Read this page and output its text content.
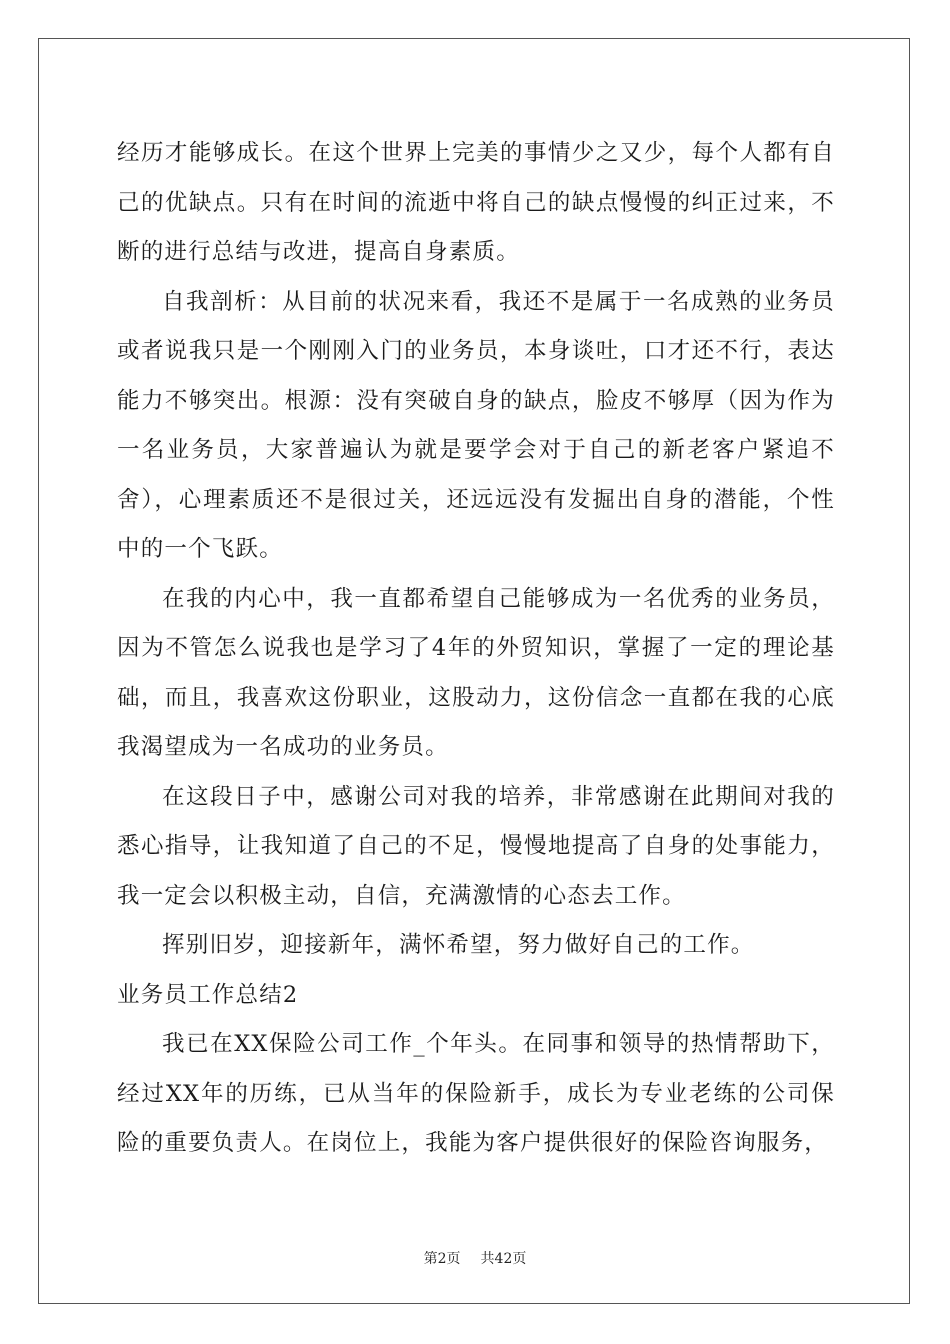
经历才能够成长。在这个世界上完美的事情少之又少，每个人都有自己的优缺点。只有在时间的流逝中将自己的缺点慢慢的纠正过来，不断的进行总结与改进，提高自身素质。

自我剖析：从目前的状况来看，我还不是属于一名成熟的业务员或者说我只是一个刚刚入门的业务员，本身谈吐，口才还不行，表达能力不够突出。根源：没有突破自身的缺点，脸皮不够厚（因为作为一名业务员，大家普遍认为就是要学会对于自己的新老客户紧追不舍），心理素质还不是很过关，还远远没有发掘出自身的潜能，个性中的一个飞跃。

在我的内心中，我一直都希望自己能够成为一名优秀的业务员，因为不管怎么说我也是学习了4年的外贸知识，掌握了一定的理论基础，而且，我喜欢这份职业，这股动力，这份信念一直都在我的心底我渴望成为一名成功的业务员。

在这段日子中，感谢公司对我的培养，非常感谢在此期间对我的悉心指导，让我知道了自己的不足，慢慢地提高了自身的处事能力，我一定会以积极主动，自信，充满激情的心态去工作。

挥别旧岁，迎接新年，满怀希望，努力做好自己的工作。

业务员工作总结2

我已在XX保险公司工作_个年头。在同事和领导的热情帮助下，经过XX年的历练，已从当年的保险新手，成长为专业老练的公司保险的重要负责人。在岗位上，我能为客户提供很好的保险咨询服务，

第2页 共42页
